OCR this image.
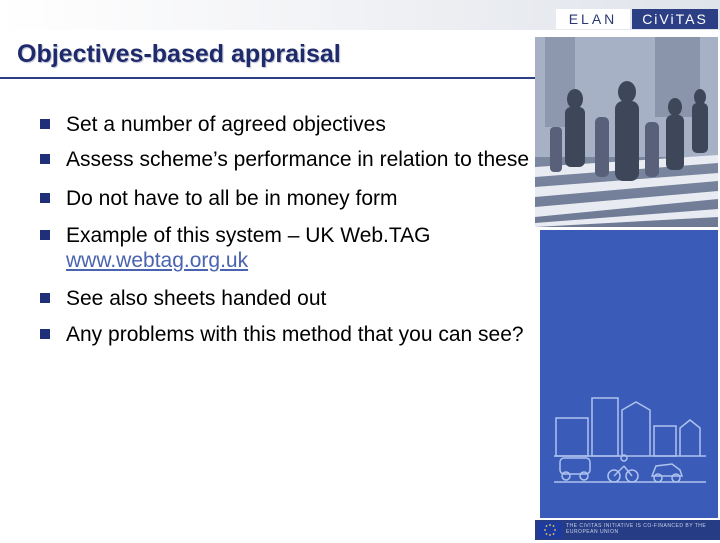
ELAN	CiViTAS
Objectives-based appraisal
THE CIVITAS INITIATIVE IS CO-FINANCED BY THE EUROPEAN UNION
Set a number of agreed objectives
Assess scheme’s performance in relation to these
Do not have to all be in money form
Example of this system – UK Web.TAG www.webtag.org.uk
See also sheets handed out
Any problems with this method that you can see?
